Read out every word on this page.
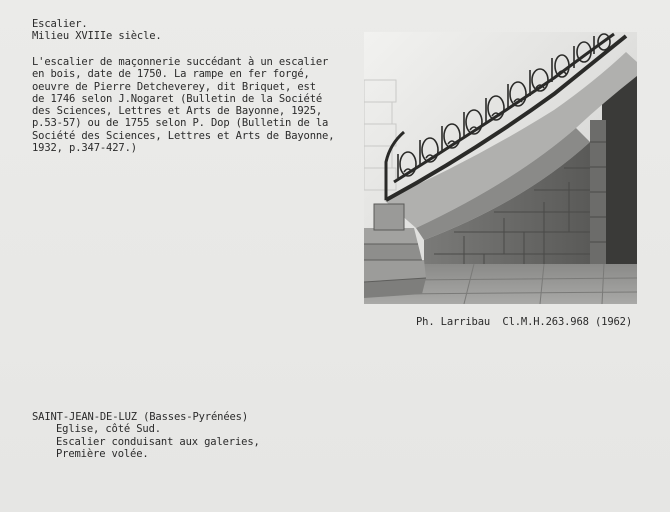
Escalier.
Milieu XVIIIe siècle.
L'escalier de maçonnerie succédant à un escalier
en bois, date de 1750. La rampe en fer forgé,
oeuvre de Pierre Detcheverey, dit Briquet, est
de 1746 selon J.Nogaret (Bulletin de la Société
des Sciences, Lettres et Arts de Bayonne, 1925,
p.53-57) ou de 1755 selon P. Dop (Bulletin de la
Société des Sciences, Lettres et Arts de Bayonne,
1932, p.347-427.)
Ph. Larribau  Cl.M.H.263.968 (1962)
SAINT-JEAN-DE-LUZ (Basses-Pyrénées)
Eglise, côté Sud.
Escalier conduisant aux galeries,
Première volée.
